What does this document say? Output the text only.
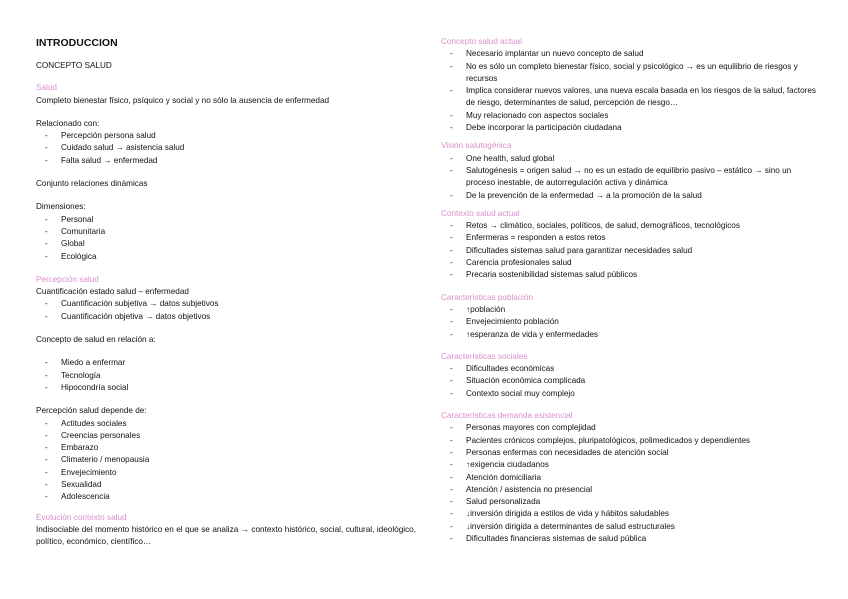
INTRODUCCION
CONCEPTO SALUD
Salud
Completo bienestar físico, psíquico y social y no sólo la ausencia de enfermedad
Relacionado con:
- Percepción persona salud
- Cuidado salud → asistencia salud
- Falta salud → enfermedad
Conjunto relaciones dinámicas
Dimensiones:
- Personal
- Comunitaria
- Global
- Ecológica
Percepción salud
Cuantificación estado salud – enfermedad
- Cuantificación subjetiva → datos subjetivos
- Cuantificación objetiva → datos objetivos
Concepto de salud en relación a:
- Miedo a enfermar
- Tecnología
- Hipocondría social
Percepción salud depende de:
- Actitudes sociales
- Creencias personales
- Embarazo
- Climaterio / menopausia
- Envejecimiento
- Sexualidad
- Adolescencia
Evolución contexto salud
Indisociable del momento histórico en el que se analiza → contexto histórico, social, cultural, ideológico, político, económico, científico…
Concepto salud actual
- Necesario implantar un nuevo concepto de salud
- No es sólo un completo bienestar físico, social y psicológico → es un equilibrio de riesgos y recursos
- Implica considerar nuevos valores, una nueva escala basada en los riesgos de la salud, factores de riesgo, determinantes de salud, percepción de riesgo…
- Muy relacionado con aspectos sociales
- Debe incorporar la participación ciudadana
Visión salutogénica
- One health, salud global
- Salutogénesis = origen salud → no es un estado de equilibrio pasivo – estático → sino un proceso inestable, de autorregulación activa y dinámica
- De la prevención de la enfermedad → a la promoción de la salud
Contexto salud actual
- Retos → climático, sociales, políticos, de salud, demográficos, tecnológicos
- Enfermeras = responden a estos retos
- Dificultades sistemas salud para garantizar necesidades salud
- Carencia profesionales salud
- Precaria sostenibilidad sistemas salud públicos
Características población
- ↑población
- Envejecimiento población
- ↑esperanza de vida y enfermedades
Características sociales
- Dificultades económicas
- Situación económica complicada
- Contexto social muy complejo
Características demanda asistencial
- Personas mayores con complejidad
- Pacientes crónicos complejos, pluripatológicos, polimedicados y dependientes
- Personas enfermas con necesidades de atención social
- ↑exigencia ciudadanos
- Atención domiciliaria
- Atención / asistencia no presencial
- Salud personalizada
- ↓inversión dirigida a estilos de vida y hábitos saludables
- ↓inversión dirigida a determinantes de salud estructurales
- Dificultades financieras sistemas de salud pública
